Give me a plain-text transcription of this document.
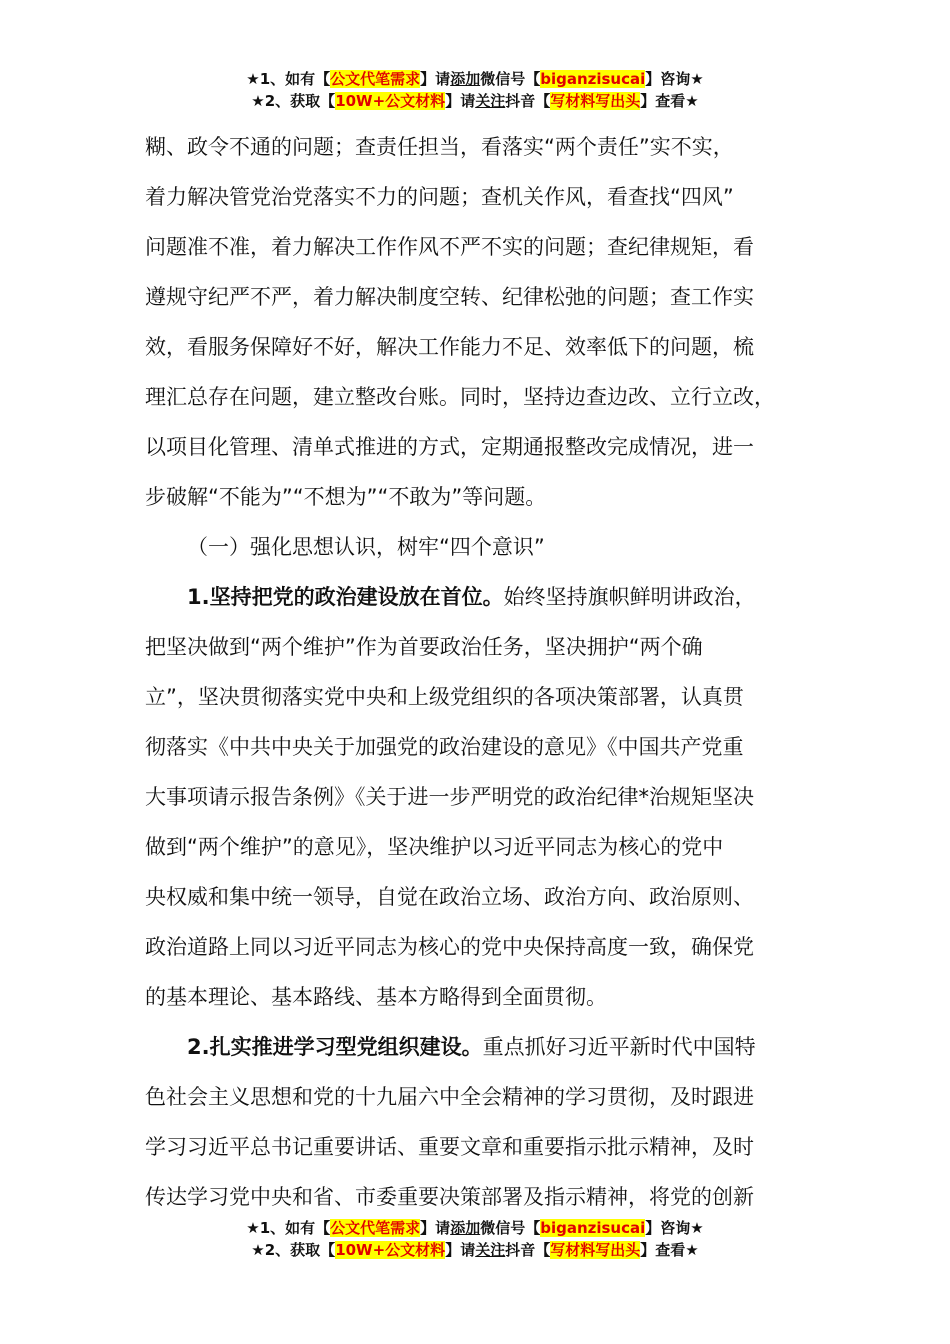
★1、如有【公文代笔需求】请添加微信号【biganzisucai】咨询★
★2、获取【10W+公文材料】请关注抖音【写材料写出头】查看★
糊、政令不通的问题；查责任担当，看落实“两个责任”实不实，
着力解决管党治党落实不力的问题；查机关作风，看查找“四风”
问题准不准，着力解决工作作风不严不实的问题；查纪律规矩，看
遵规守纪严不严，着力解决制度空转、纪律松弛的问题；查工作实
效，看服务保障好不好，解决工作能力不足、效率低下的问题，梳
理汇总存在问题，建立整改台账。同时，坚持边查边改、立行立改，
以项目化管理、清单式推进的方式，定期通报整改完成情况，进一
步破解“不能为”“不想为”“不敢为”等问题。
（一）强化思想认识，树牢“四个意识”
1.坚持把党的政治建设放在首位。始终坚持旗帜鲜明讲政治，
把坚决做到“两个维护”作为首要政治任务，坚决拥护“两个确
立”，坚决贯彻落实党中央和上级党组织的各项决策部署，认真贯
彻落实《中共中央关于加强党的政治建设的意见》《中国共产党重
大事项请示报告条例》《关于进一步严明党的政治纪律*治规矩坚决
做到“两个维护”的意见》，坚决维护以习近平同志为核心的党中
央权威和集中统一领导，自觉在政治立场、政治方向、政治原则、
政治道路上同以习近平同志为核心的党中央保持高度一致，确保党
的基本理论、基本路线、基本方略得到全面贯彻。
2.扎实推进学习型党组织建设。重点抓好习近平新时代中国特
色社会主义思想和党的十九届六中全会精神的学习贯彻，及时跟进
学习习近平总书记重要讲话、重要文章和重要指示批示精神，及时
传达学习党中央和省、市委重要决策部署及指示精神，将党的创新
★1、如有【公文代笔需求】请添加微信号【biganzisucai】咨询★
★2、获取【10W+公文材料】请关注抖音【写材料写出头】查看★
